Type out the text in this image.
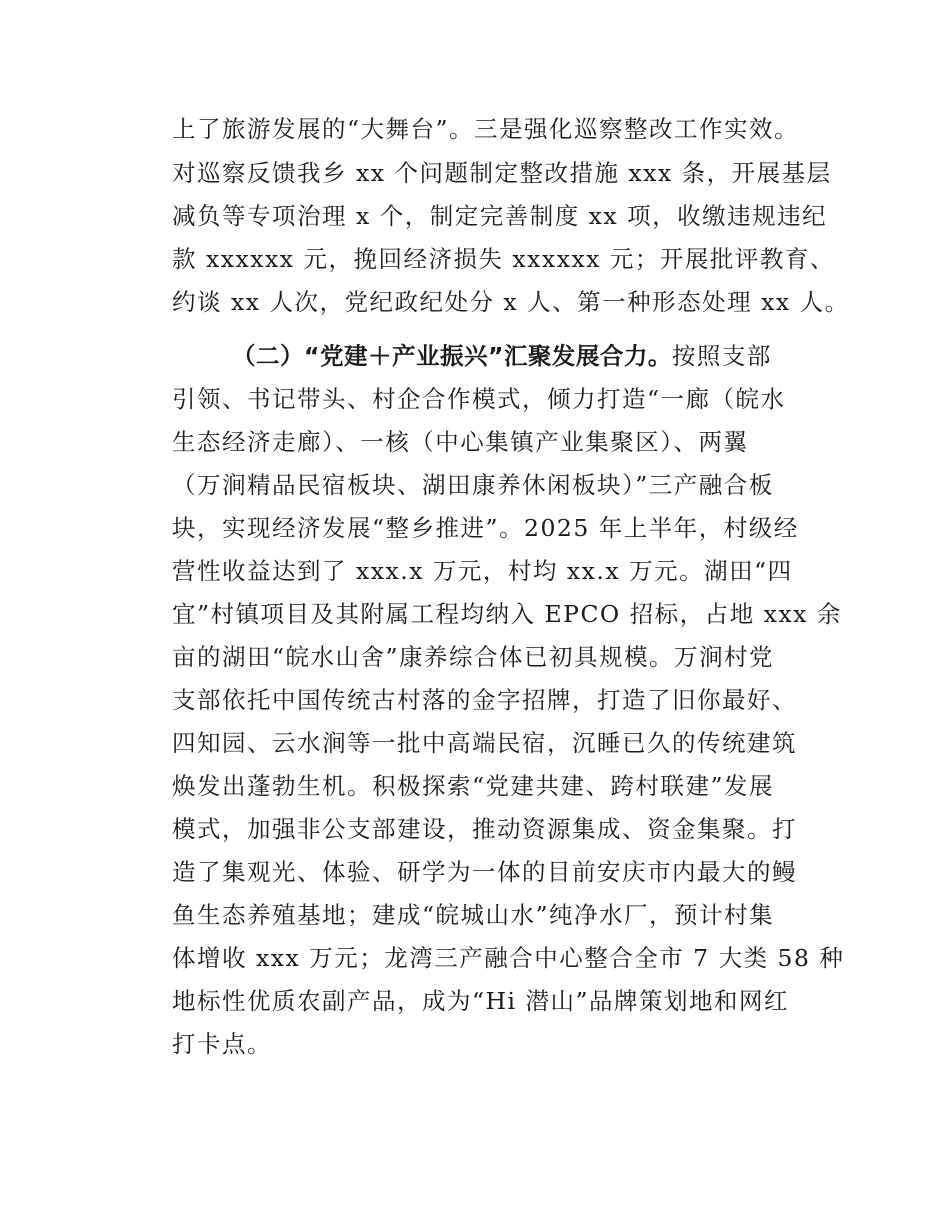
上了旅游发展的“大舞台”。三是强化巡察整改工作实效。
对巡察反馈我乡 xx 个问题制定整改措施 xxx 条，开展基层
减负等专项治理 x 个，制定完善制度 xx 项，收缴违规违纪
款 xxxxxx 元，挽回经济损失 xxxxxx 元；开展批评教育、
约谈 xx 人次，党纪政纪处分 x 人、第一种形态处理 xx 人。
（二）“党建＋产业振兴”汇聚发展合力。按照支部
引领、书记带头、村企合作模式，倾力打造“一廊（皖水
生态经济走廊）、一核（中心集镇产业集聚区）、两翼
（万涧精品民宿板块、湖田康养休闲板块）”三产融合板
块，实现经济发展“整乡推进”。2025 年上半年，村级经
营性收益达到了 xxx.x 万元，村均 xx.x 万元。湖田“四
宜”村镇项目及其附属工程均纳入 EPCO 招标，占地 xxx 余
亩的湖田“皖水山舍”康养综合体已初具规模。万涧村党
支部依托中国传统古村落的金字招牌，打造了旧你最好、
四知园、云水涧等一批中高端民宿，沉睡已久的传统建筑
焕发出蓬勃生机。积极探索“党建共建、跨村联建”发展
模式，加强非公支部建设，推动资源集成、资金集聚。打
造了集观光、体验、研学为一体的目前安庆市内最大的鳗
鱼生态养殖基地；建成“皖城山水”纯净水厂，预计村集
体增收 xxx 万元；龙湾三产融合中心整合全市 7 大类 58 种
地标性优质农副产品，成为“Hi 潜山”品牌策划地和网红
打卡点。
